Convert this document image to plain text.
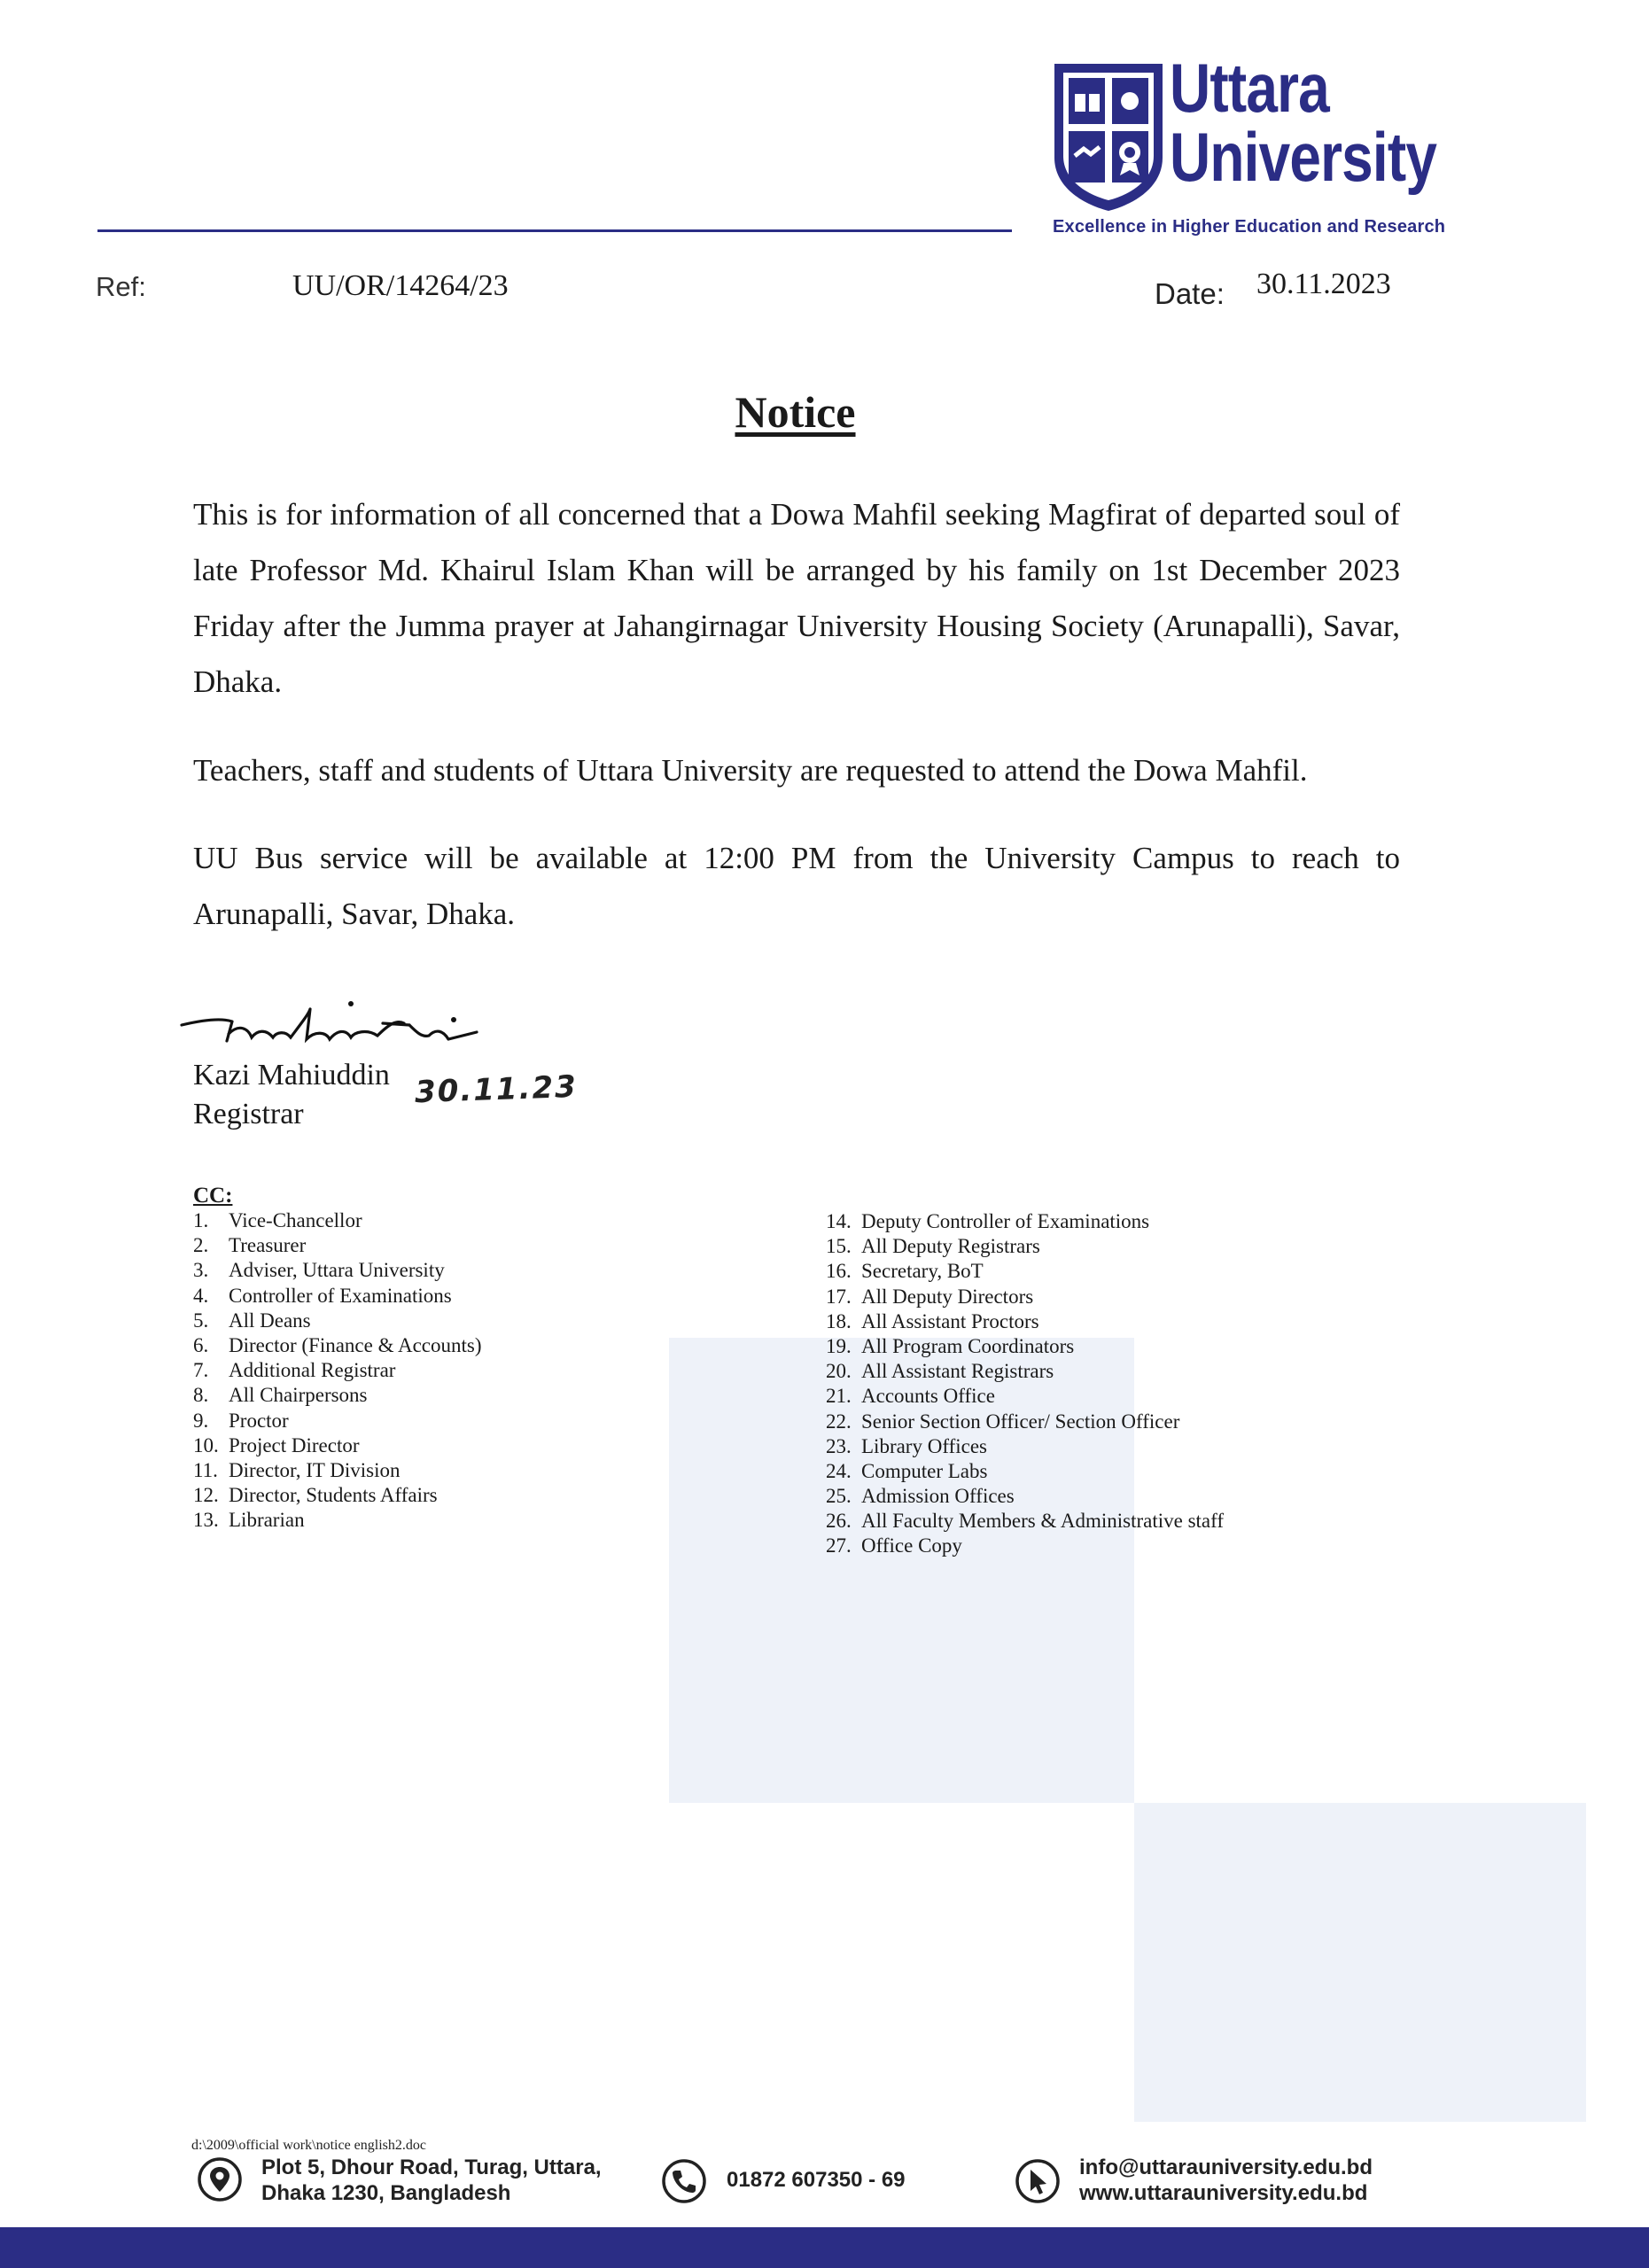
Uttara
University
Excellence in Higher Education and Research
Ref:	UU/OR/14264/23	Date: 30.11.2023
Notice
This is for information of all concerned that a Dowa Mahfil seeking Magfirat of departed soul of late Professor Md. Khairul Islam Khan will be arranged by his family on 1st December 2023 Friday after the Jumma prayer at Jahangirnagar University Housing Society (Arunapalli), Savar, Dhaka.
Teachers, staff and students of Uttara University are requested to attend the Dowa Mahfil.
UU Bus service will be available at 12:00 PM from the University Campus to reach to Arunapalli, Savar, Dhaka.
Kazi Mahiuddin
Registrar
30.11.23
CC:
1. Vice-Chancellor
2. Treasurer
3. Adviser, Uttara University
4. Controller of Examinations
5. All Deans
6. Director (Finance & Accounts)
7. Additional Registrar
8. All Chairpersons
9. Proctor
10. Project Director
11. Director, IT Division
12. Director, Students Affairs
13. Librarian
14. Deputy Controller of Examinations
15. All Deputy Registrars
16. Secretary, BoT
17. All Deputy Directors
18. All Assistant Proctors
19. All Program Coordinators
20. All Assistant Registrars
21. Accounts Office
22. Senior Section Officer/ Section Officer
23. Library Offices
24. Computer Labs
25. Admission Offices
26. All Faculty Members & Administrative staff
27. Office Copy
d:\2009\official work\notice english2.doc
Plot 5, Dhour Road, Turag, Uttara,
Dhaka 1230, Bangladesh
01872 607350 - 69
info@uttarauniversity.edu.bd
www.uttarauniversity.edu.bd
